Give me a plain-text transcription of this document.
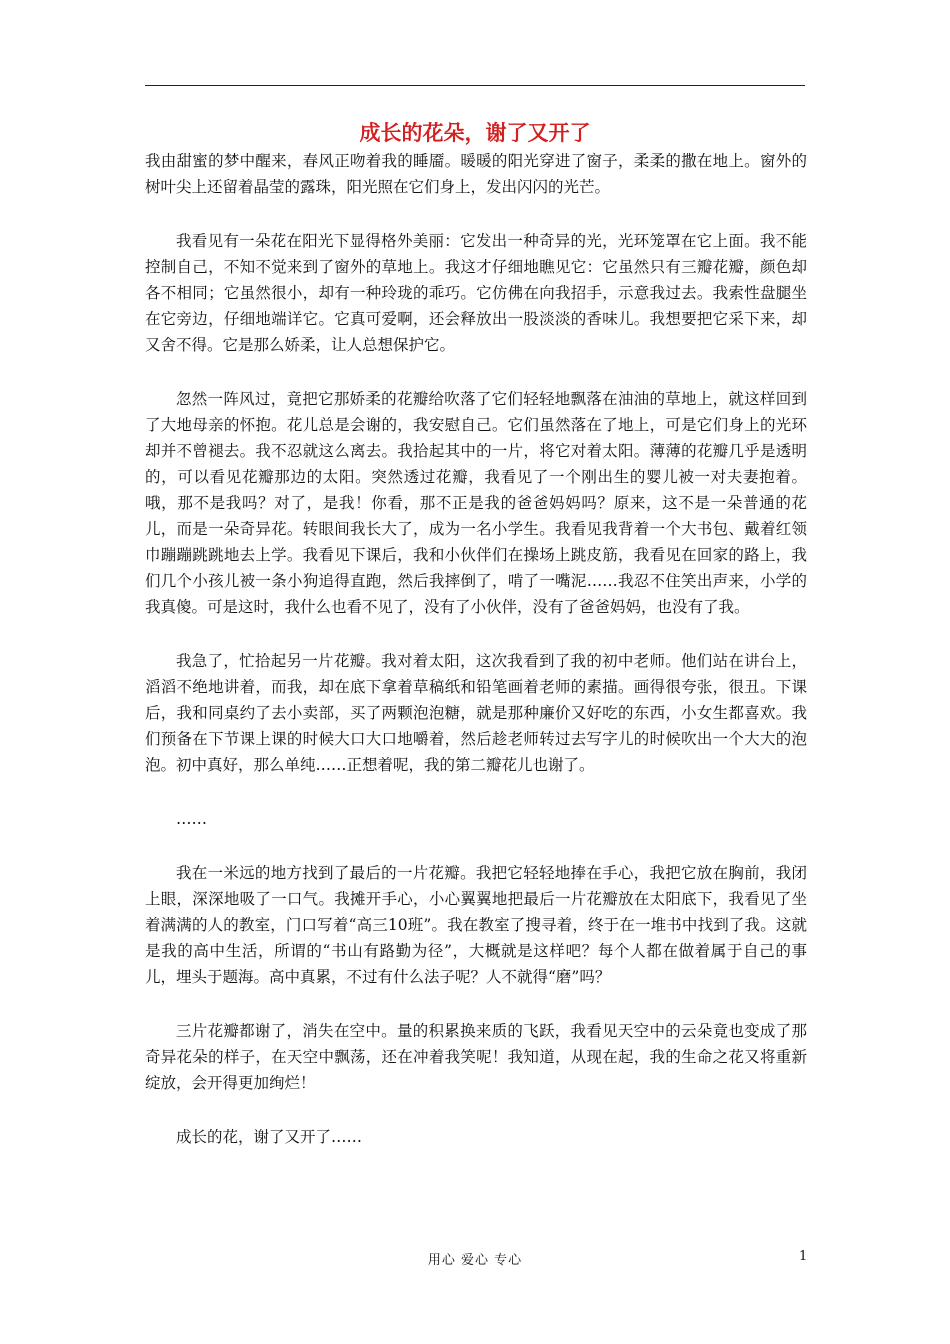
成长的花朵，谢了又开了

我由甜蜜的梦中醒来，春风正吻着我的睡靥。暖暖的阳光穿进了窗子，柔柔的撒在地上。窗外的树叶尖上还留着晶莹的露珠，阳光照在它们身上，发出闪闪的光芒。

我看见有一朵花在阳光下显得格外美丽：它发出一种奇异的光，光环笼罩在它上面。我不能控制自己，不知不觉来到了窗外的草地上。我这才仔细地瞧见它：它虽然只有三瓣花瓣，颜色却各不相同；它虽然很小，却有一种玲珑的乖巧。它仿佛在向我招手，示意我过去。我索性盘腿坐在它旁边，仔细地端详它。它真可爱啊，还会释放出一股淡淡的香味儿。我想要把它采下来，却又舍不得。它是那么娇柔，让人总想保护它。

忽然一阵风过，竟把它那娇柔的花瓣给吹落了它们轻轻地飘落在油油的草地上，就这样回到了大地母亲的怀抱。花儿总是会谢的，我安慰自己。它们虽然落在了地上，可是它们身上的光环却并不曾褪去。我不忍就这么离去。我拾起其中的一片，将它对着太阳。薄薄的花瓣几乎是透明的，可以看见花瓣那边的太阳。突然透过花瓣，我看见了一个刚出生的婴儿被一对夫妻抱着。哦，那不是我吗？对了，是我！你看，那不正是我的爸爸妈妈吗？原来，这不是一朵普通的花儿，而是一朵奇异花。转眼间我长大了，成为一名小学生。我看见我背着一个大书包、戴着红领巾蹦蹦跳跳地去上学。我看见下课后，我和小伙伴们在操场上跳皮筋，我看见在回家的路上，我们几个小孩儿被一条小狗追得直跑，然后我摔倒了，啃了一嘴泥……我忍不住笑出声来，小学的我真傻。可是这时，我什么也看不见了，没有了小伙伴，没有了爸爸妈妈，也没有了我。

我急了，忙拾起另一片花瓣。我对着太阳，这次我看到了我的初中老师。他们站在讲台上，滔滔不绝地讲着，而我，却在底下拿着草稿纸和铅笔画着老师的素描。画得很夸张，很丑。下课后，我和同桌约了去小卖部，买了两颗泡泡糖，就是那种廉价又好吃的东西，小女生都喜欢。我们预备在下节课上课的时候大口大口地嚼着，然后趁老师转过去写字儿的时候吹出一个大大的泡泡。初中真好，那么单纯……正想着呢，我的第二瓣花儿也谢了。

……

我在一米远的地方找到了最后的一片花瓣。我把它轻轻地捧在手心，我把它放在胸前，我闭上眼，深深地吸了一口气。我摊开手心，小心翼翼地把最后一片花瓣放在太阳底下，我看见了坐着满满的人的教室，门口写着“高三10班”。我在教室了搜寻着，终于在一堆书中找到了我。这就是我的高中生活，所谓的“书山有路勤为径”，大概就是这样吧？每个人都在做着属于自己的事儿，埋头于题海。高中真累，不过有什么法子呢？人不就得“磨”吗？

三片花瓣都谢了，消失在空中。量的积累换来质的飞跃，我看见天空中的云朵竟也变成了那奇异花朵的样子，在天空中飘荡，还在冲着我笑呢！我知道，从现在起，我的生命之花又将重新绽放，会开得更加绚烂！

成长的花，谢了又开了……

用心 爱心 专心	1
